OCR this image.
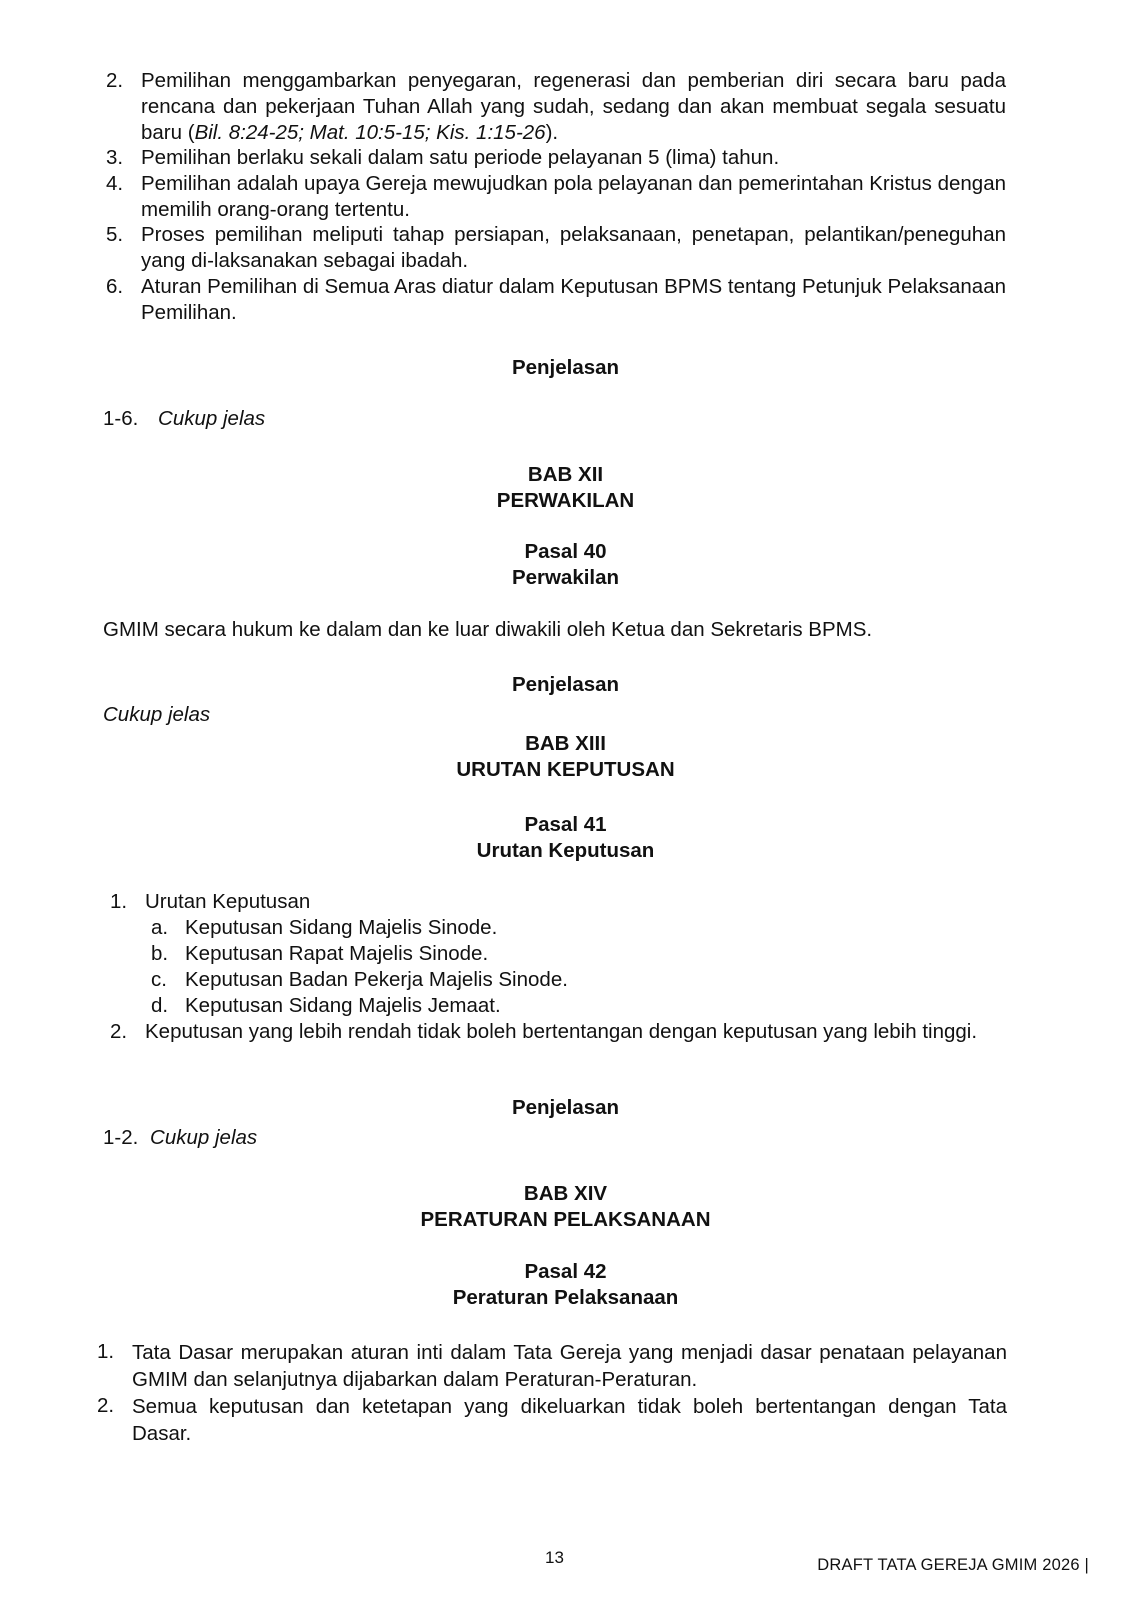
2. Pemilihan menggambarkan penyegaran, regenerasi dan pemberian diri secara baru pada rencana dan pekerjaan Tuhan Allah yang sudah, sedang dan akan membuat segala sesuatu baru (Bil. 8:24-25; Mat. 10:5-15; Kis. 1:15-26).
3. Pemilihan berlaku sekali dalam satu periode pelayanan 5 (lima) tahun.
4. Pemilihan adalah upaya Gereja mewujudkan pola pelayanan dan pemerintahan Kristus dengan memilih orang-orang tertentu.
5. Proses pemilihan meliputi tahap persiapan, pelaksanaan, penetapan, pelantikan/peneguhan yang di-laksanakan sebagai ibadah.
6. Aturan Pemilihan di Semua Aras diatur dalam Keputusan BPMS tentang Petunjuk Pelaksanaan Pemilihan.
Penjelasan
1-6. Cukup jelas
BAB XII
PERWAKILAN
Pasal 40
Perwakilan
GMIM secara hukum ke dalam dan ke luar diwakili oleh Ketua dan Sekretaris BPMS.
Penjelasan
Cukup jelas
BAB XIII
URUTAN KEPUTUSAN
Pasal 41
Urutan Keputusan
1. Urutan Keputusan
a. Keputusan Sidang Majelis Sinode.
b. Keputusan Rapat Majelis Sinode.
c. Keputusan Badan Pekerja Majelis Sinode.
d. Keputusan Sidang Majelis Jemaat.
2. Keputusan yang lebih rendah tidak boleh bertentangan dengan keputusan yang lebih tinggi.
Penjelasan
1-2. Cukup jelas
BAB XIV
PERATURAN PELAKSANAAN
Pasal 42
Peraturan Pelaksanaan
1. Tata Dasar merupakan aturan inti dalam Tata Gereja yang menjadi dasar penataan pelayanan GMIM dan selanjutnya dijabarkan dalam Peraturan-Peraturan.
2. Semua keputusan dan ketetapan yang dikeluarkan tidak boleh bertentangan dengan Tata Dasar.
13	DRAFT TATA GEREJA GMIM 2026 |
